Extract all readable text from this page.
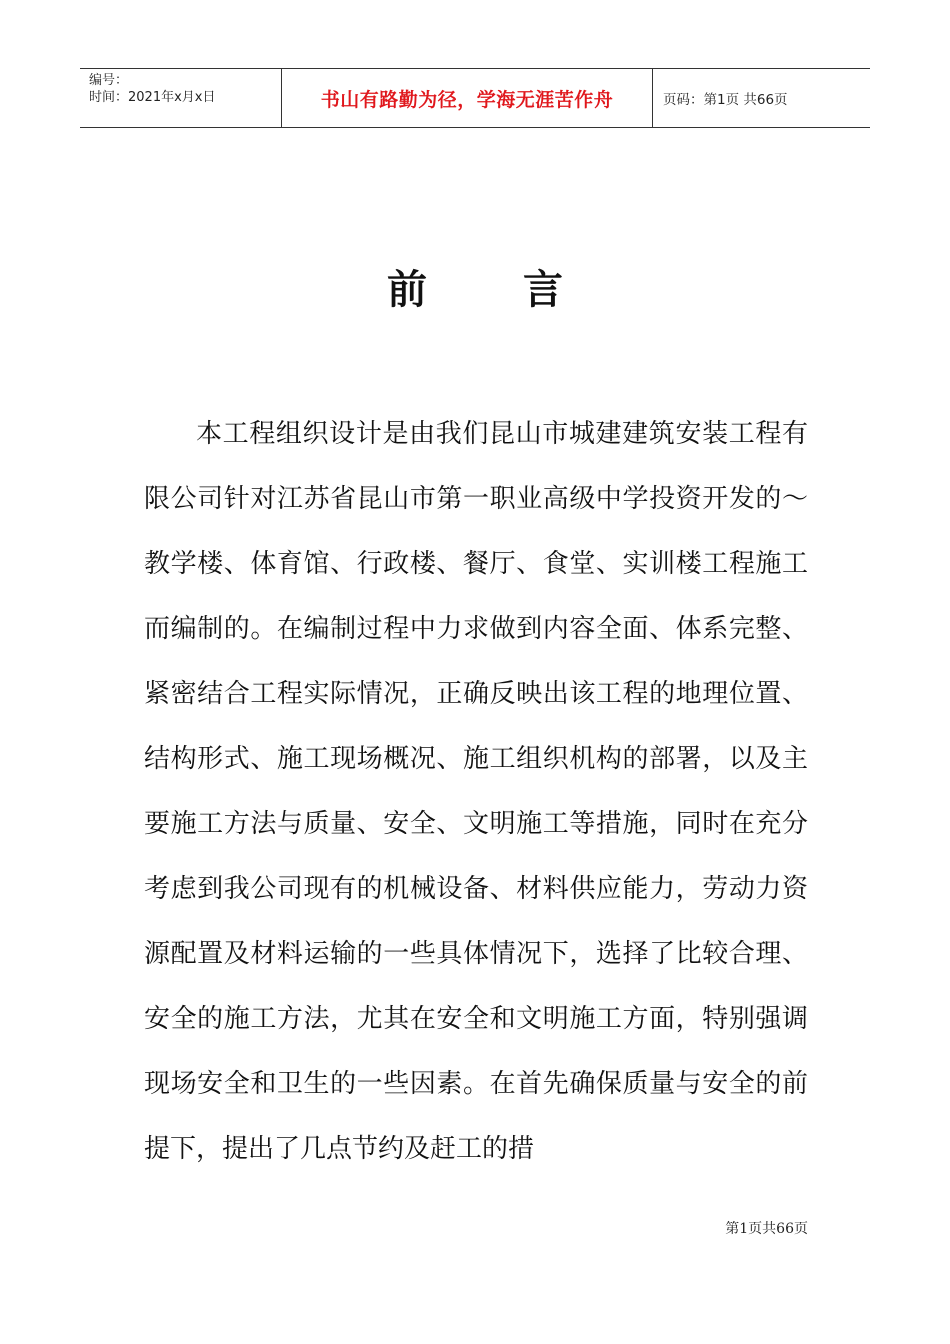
编号：
时间：2021年x月x日	书山有路勤为径，学海无涯苦作舟	页码：第1页 共66页
前 言

本工程组织设计是由我们昆山市城建建筑安装工程有限公司针对江苏省昆山市第一职业高级中学投资开发的～教学楼、体育馆、行政楼、餐厅、食堂、实训楼工程施工而编制的。在编制过程中力求做到内容全面、体系完整、紧密结合工程实际情况，正确反映出该工程的地理位置、结构形式、施工现场概况、施工组织机构的部署，以及主要施工方法与质量、安全、文明施工等措施，同时在充分考虑到我公司现有的机械设备、材料供应能力，劳动力资源配置及材料运输的一些具体情况下，选择了比较合理、安全的施工方法，尤其在安全和文明施工方面，特别强调现场安全和卫生的一些因素。在首先确保质量与安全的前提下，提出了几点节约及赶工的措

第1页共66页
